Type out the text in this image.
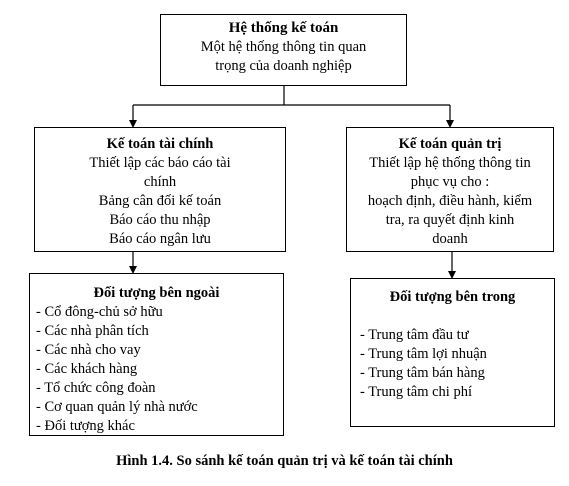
Hệ thống kế toán
Một hệ thống thông tin quan
trọng của doanh nghiệp
Kế toán tài chính
Thiết lập các báo cáo tài
chính
Bảng cân đối kế toán
Báo cáo thu nhập
Báo cáo ngân lưu
Kế toán quản trị
Thiết lập hệ thống thông tin
phục vụ cho :
hoạch định, điều hành, kiểm
tra, ra quyết định kinh
doanh
Đối tượng bên ngoài
- Cổ đông-chủ sở hữu
- Các nhà phân tích
- Các nhà cho vay
- Các khách hàng
- Tổ chức công đoàn
- Cơ quan quản lý nhà nước
- Đối tượng khác
Đối tượng bên trong
- Trung tâm đầu tư
- Trung tâm lợi nhuận
- Trung tâm bán hàng
- Trung tâm chi phí
Hình 1.4. So sánh kế toán quản trị và kế toán tài chính
